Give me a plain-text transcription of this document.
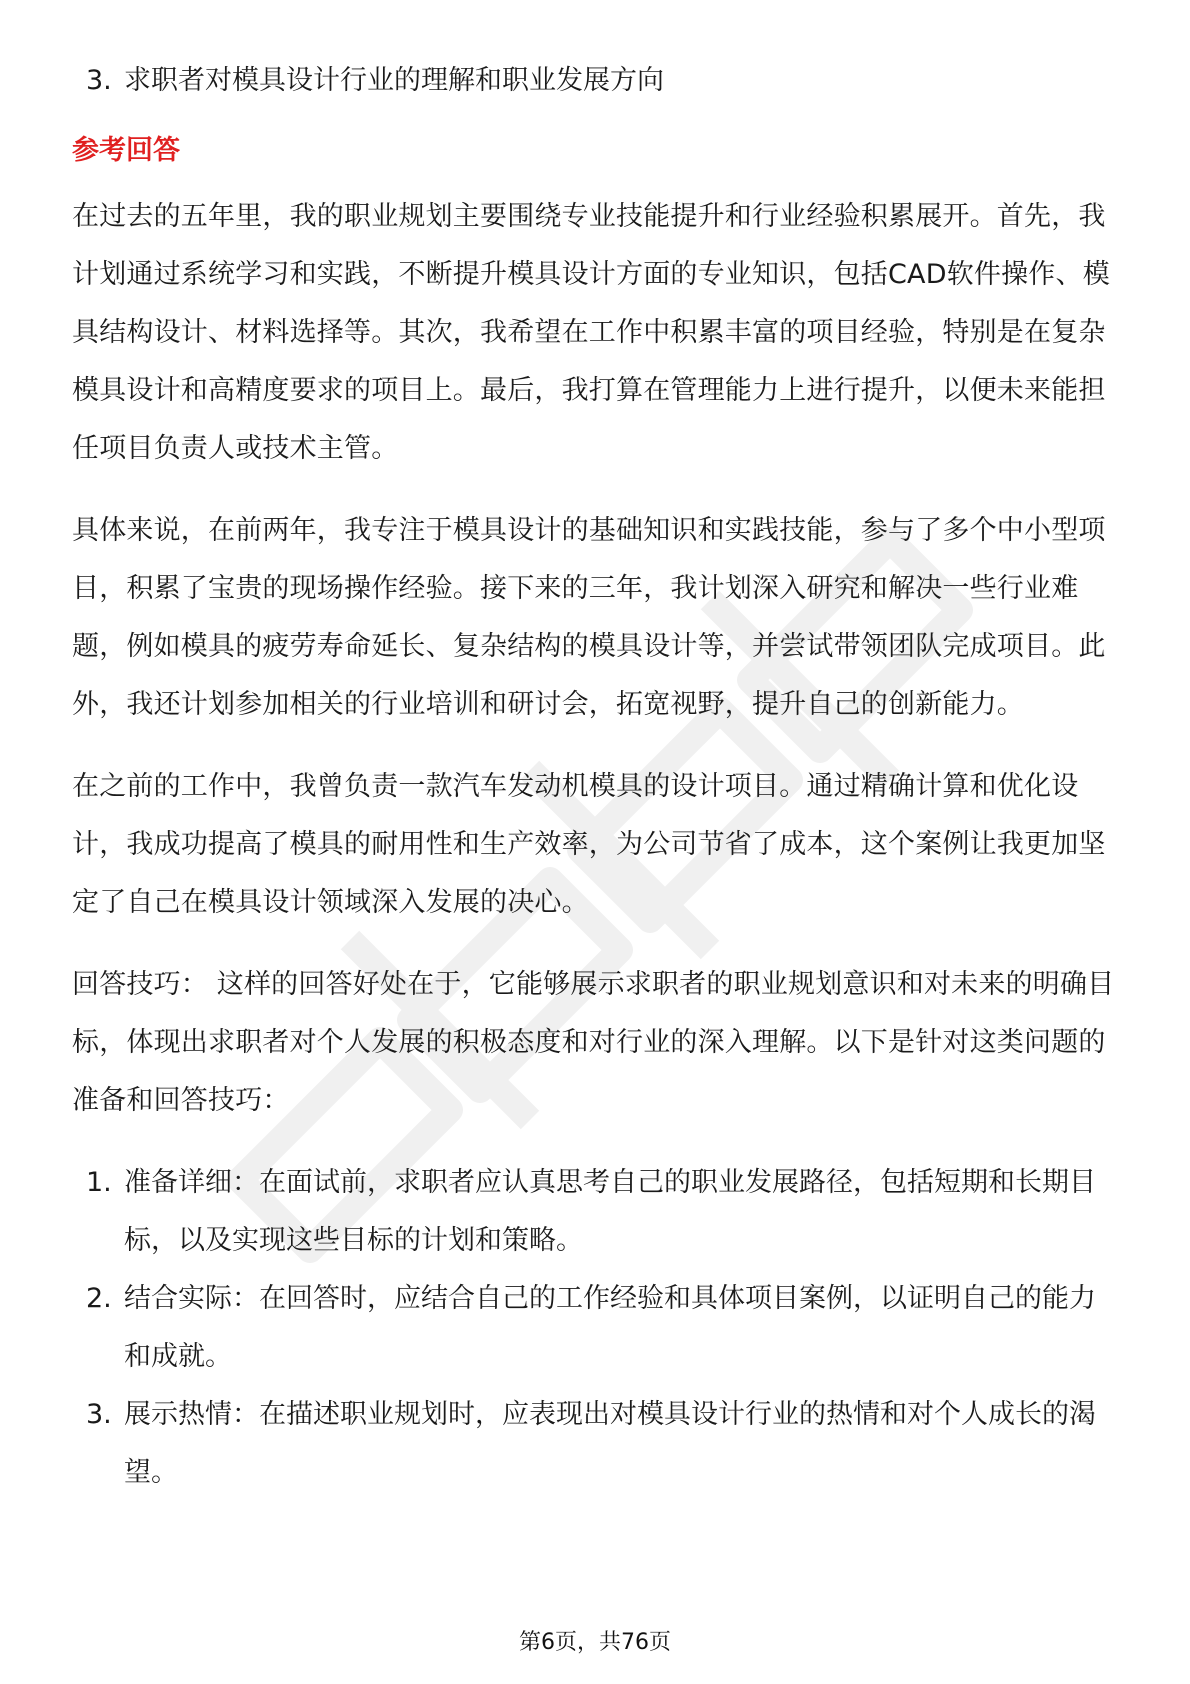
3. 求职者对模具设计行业的理解和职业发展方向
参考回答

在过去的五年里，我的职业规划主要围绕专业技能提升和行业经验积累展开。首先，我计划通过系统学习和实践，不断提升模具设计方面的专业知识，包括CAD软件操作、模具结构设计、材料选择等。其次，我希望在工作中积累丰富的项目经验，特别是在复杂模具设计和高精度要求的项目上。最后，我打算在管理能力上进行提升，以便未来能担任项目负责人或技术主管。

具体来说，在前两年，我专注于模具设计的基础知识和实践技能，参与了多个中小型项目，积累了宝贵的现场操作经验。接下来的三年，我计划深入研究和解决一些行业难题，例如模具的疲劳寿命延长、复杂结构的模具设计等，并尝试带领团队完成项目。此外，我还计划参加相关的行业培训和研讨会，拓宽视野，提升自己的创新能力。

在之前的工作中，我曾负责一款汽车发动机模具的设计项目。通过精确计算和优化设计，我成功提高了模具的耐用性和生产效率，为公司节省了成本，这个案例让我更加坚定了自己在模具设计领域深入发展的决心。

回答技巧： 这样的回答好处在于，它能够展示求职者的职业规划意识和对未来的明确目标，体现出求职者对个人发展的积极态度和对行业的深入理解。以下是针对这类问题的准备和回答技巧：

1. 准备详细：在面试前，求职者应认真思考自己的职业发展路径，包括短期和长期目标，以及实现这些目标的计划和策略。
2. 结合实际：在回答时，应结合自己的工作经验和具体项目案例，以证明自己的能力和成就。
3. 展示热情：在描述职业规划时，应表现出对模具设计行业的热情和对个人成长的渴望。
第6页，共76页
